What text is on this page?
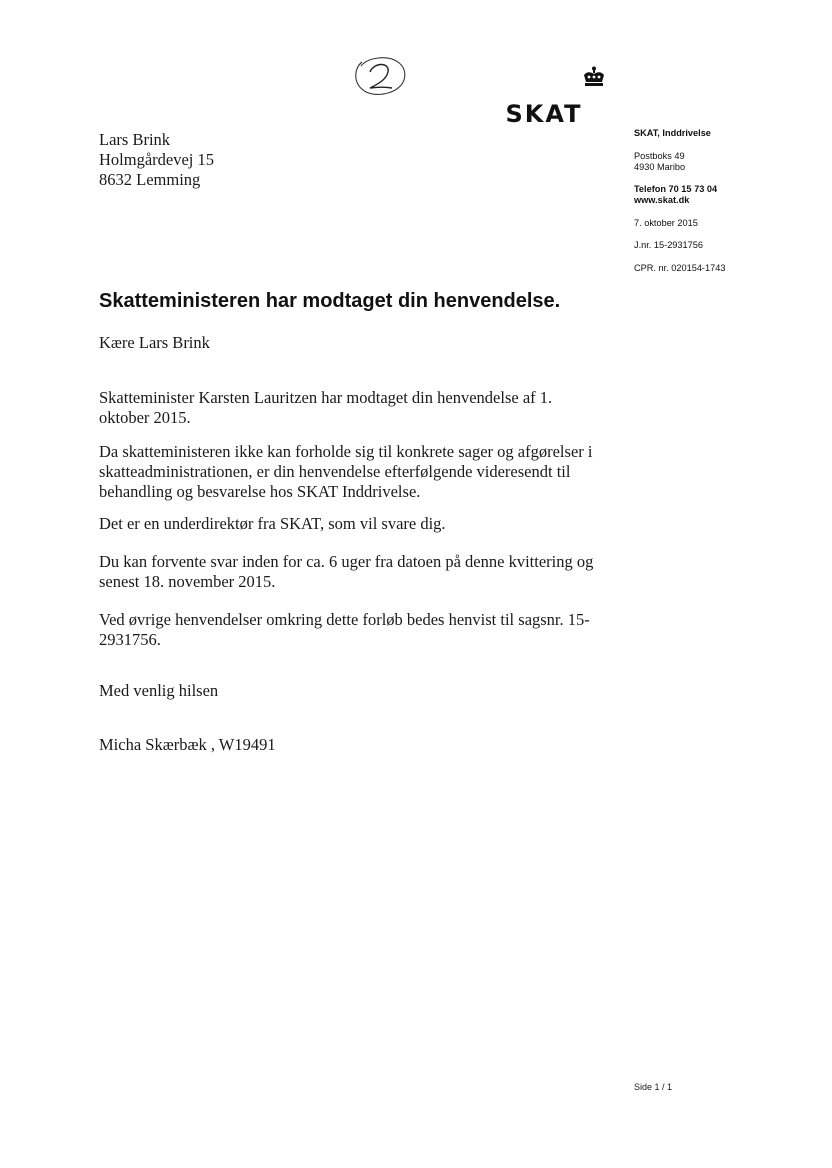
SKAT
Lars Brink
Holmgårdevej 15
8632 Lemming
SKAT, Inddrivelse
Postboks 49
4930 Maribo
Telefon 70 15 73 04
www.skat.dk
7. oktober 2015
J.nr. 15-2931756
CPR. nr. 020154-1743
Skatteministeren har modtaget din henvendelse.
Kære Lars Brink
Skatteminister Karsten Lauritzen har modtaget din henvendelse af 1. oktober 2015.
Da skatteministeren ikke kan forholde sig til konkrete sager og afgørelser i skatteadministrationen, er din henvendelse efterfølgende videresendt til behandling og besvarelse hos SKAT Inddrivelse.
Det er en underdirektør fra SKAT, som vil svare dig.
Du kan forvente svar inden for ca. 6 uger fra datoen på denne kvittering og senest 18. november 2015.
Ved øvrige henvendelser omkring dette forløb bedes henvist til sagsnr. 15-2931756.
Med venlig hilsen
Micha Skærbæk , W19491
Side 1 / 1
